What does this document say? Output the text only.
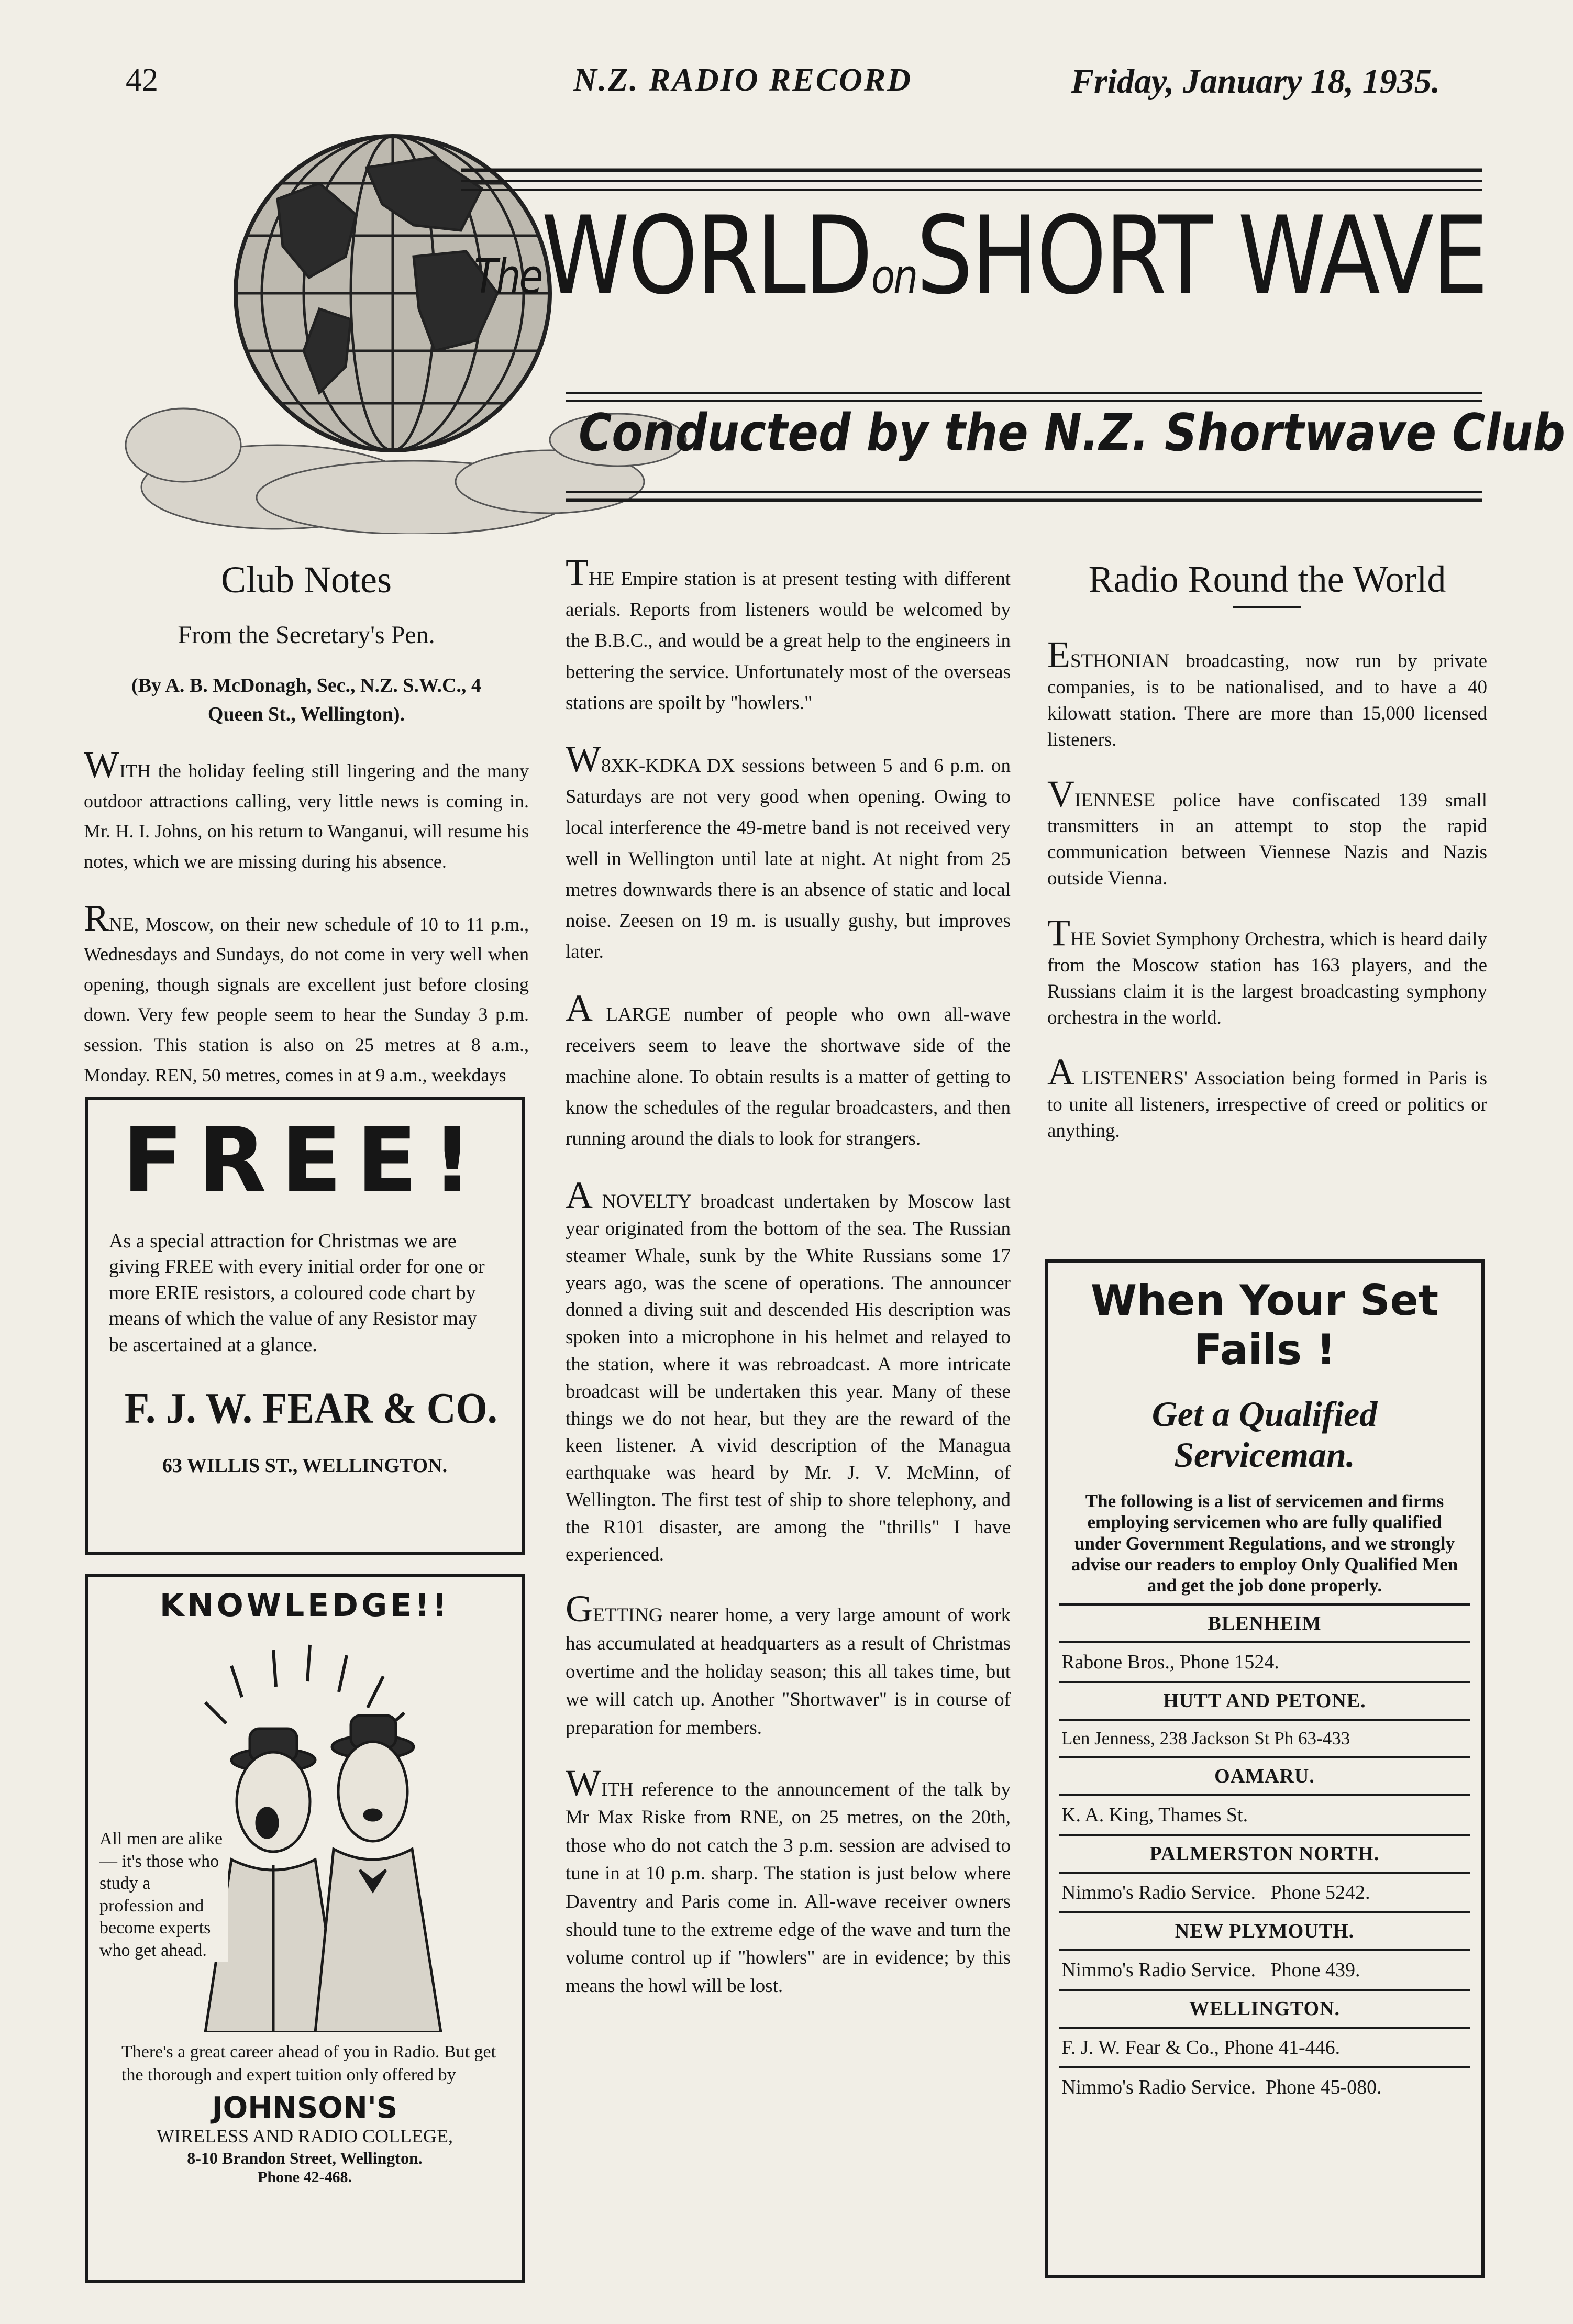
42	N.Z. RADIO RECORD	Friday, January 18, 1935.
TheWORLDonSHORT WAVE
Conducted by the N.Z. Shortwave Club
Club Notes
From the Secretary's Pen.
(By A. B. McDonagh, Sec., N.Z. S.W.C., 4 Queen St., Wellington).

WITH the holiday feeling still lingering and the many outdoor attractions calling, very little news is coming in. Mr. H. I. Johns, on his return to Wanganui, will resume his notes, which we are missing during his absence.

RNE, Moscow, on their new schedule of 10 to 11 p.m., Wednesdays and Sundays, do not come in very well when opening, though signals are excellent just before closing down. Very few people seem to hear the Sunday 3 p.m. session. This station is also on 25 metres at 8 a.m., Monday. REN, 50 metres, comes in at 9 a.m., weekdays

FREE!
As a special attraction for Christmas we are giving FREE with every initial order for one or more ERIE resistors, a coloured code chart by means of which the value of any Resistor may be ascertained at a glance.
F. J. W. FEAR & CO.
63 WILLIS ST., WELLINGTON.
KNOWLEDGE!!
All men are alike — it's those who study a profession and become experts who get ahead.
There's a great career ahead of you in Radio. But get the thorough and expert tuition only offered by
JOHNSON'S
WIRELESS AND RADIO COLLEGE,
8-10 Brandon Street, Wellington.
Phone 42-468.

THE Empire station is at present testing with different aerials. Reports from listeners would be welcomed by the B.B.C., and would be a great help to the engineers in bettering the service. Unfortunately most of the overseas stations are spoilt by "howlers."

W8XK-KDKA DX sessions between 5 and 6 p.m. on Saturdays are not very good when opening. Owing to local interference the 49-metre band is not received very well in Wellington until late at night. At night from 25 metres downwards there is an absence of static and local noise. Zeesen on 19 m. is usually gushy, but improves later.

A LARGE number of people who own all-wave receivers seem to leave the shortwave side of the machine alone. To obtain results is a matter of getting to know the schedules of the regular broadcasters, and then running around the dials to look for strangers.

A NOVELTY broadcast undertaken by Moscow last year originated from the bottom of the sea. The Russian steamer Whale, sunk by the White Russians some 17 years ago, was the scene of operations. The announcer donned a diving suit and descended His description was spoken into a microphone in his helmet and relayed to the station, where it was rebroadcast. A more intricate broadcast will be undertaken this year. Many of these things we do not hear, but they are the reward of the keen listener. A vivid description of the Managua earthquake was heard by Mr. J. V. McMinn, of Wellington. The first test of ship to shore telephony, and the R101 disaster, are among the "thrills" I have experienced.

GETTING nearer home, a very large amount of work has accumulated at headquarters as a result of Christmas overtime and the holiday season; this all takes time, but we will catch up. Another "Shortwaver" is in course of preparation for members.

WITH reference to the announcement of the talk by Mr Max Riske from RNE, on 25 metres, on the 20th, those who do not catch the 3 p.m. session are advised to tune in at 10 p.m. sharp. The station is just below where Daventry and Paris come in. All-wave receiver owners should tune to the extreme edge of the wave and turn the volume control up if "howlers" are in evidence; by this means the howl will be lost.

Radio Round the World

ESTHONIAN broadcasting, now run by private companies, is to be nationalised, and to have a 40 kilowatt station. There are more than 15,000 licensed listeners.

VIENNESE police have confiscated 139 small transmitters in an attempt to stop the rapid communication between Viennese Nazis and Nazis outside Vienna.

THE Soviet Symphony Orchestra, which is heard daily from the Moscow station has 163 players, and the Russians claim it is the largest broadcasting symphony orchestra in the world.

A LISTENERS' Association being formed in Paris is to unite all listeners, irrespective of creed or politics or anything.

When Your Set Fails !
Get a Qualified Serviceman.
The following is a list of servicemen and firms employing servicemen who are fully qualified under Government Regulations, and we strongly advise our readers to employ Only Qualified Men and get the job done properly.
BLENHEIM
Rabone Bros., Phone 1524.
HUTT AND PETONE.
Len Jenness, 238 Jackson St Ph 63-433
OAMARU.
K. A. King, Thames St.
PALMERSTON NORTH.
Nimmo's Radio Service.   Phone 5242.
NEW PLYMOUTH.
Nimmo's Radio Service.   Phone 439.
WELLINGTON.
F. J. W. Fear & Co., Phone 41-446.
Nimmo's Radio Service.  Phone 45-080.
